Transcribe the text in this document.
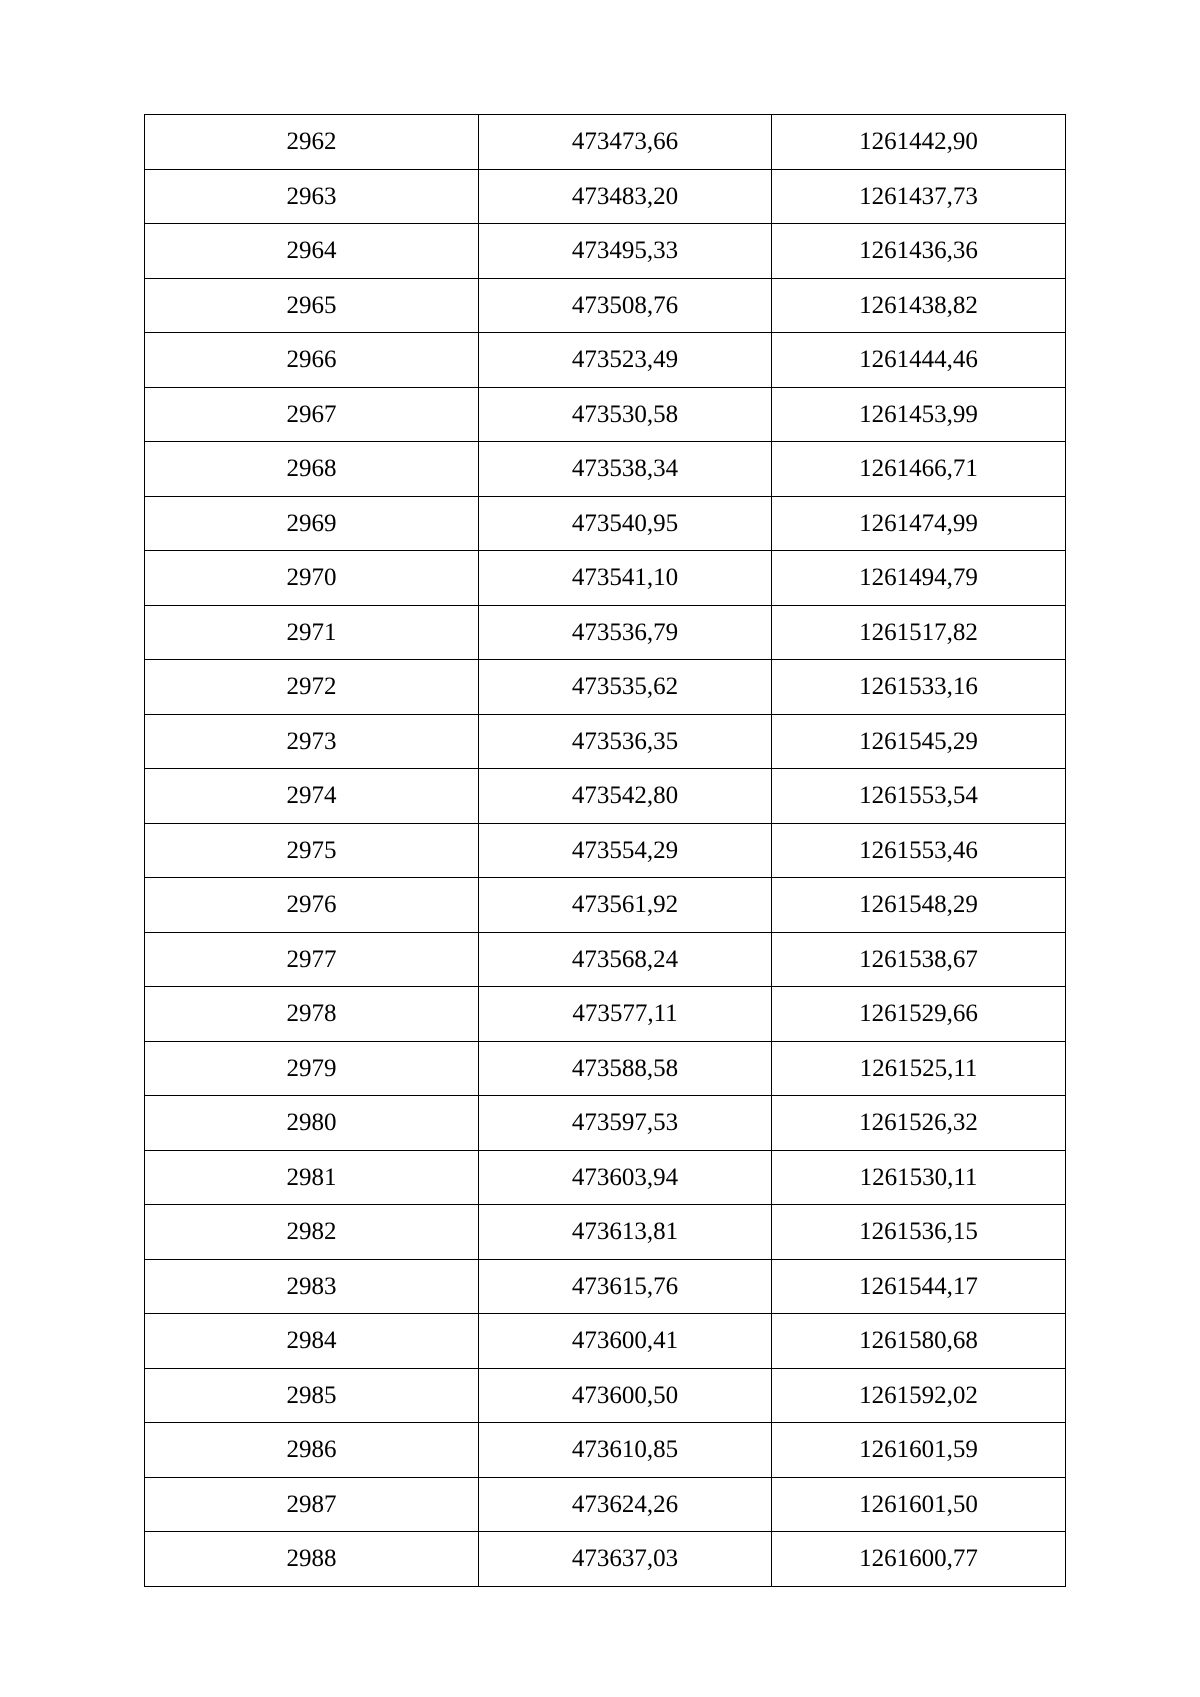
2962	473473,66	1261442,90
2963	473483,20	1261437,73
2964	473495,33	1261436,36
2965	473508,76	1261438,82
2966	473523,49	1261444,46
2967	473530,58	1261453,99
2968	473538,34	1261466,71
2969	473540,95	1261474,99
2970	473541,10	1261494,79
2971	473536,79	1261517,82
2972	473535,62	1261533,16
2973	473536,35	1261545,29
2974	473542,80	1261553,54
2975	473554,29	1261553,46
2976	473561,92	1261548,29
2977	473568,24	1261538,67
2978	473577,11	1261529,66
2979	473588,58	1261525,11
2980	473597,53	1261526,32
2981	473603,94	1261530,11
2982	473613,81	1261536,15
2983	473615,76	1261544,17
2984	473600,41	1261580,68
2985	473600,50	1261592,02
2986	473610,85	1261601,59
2987	473624,26	1261601,50
2988	473637,03	1261600,77
